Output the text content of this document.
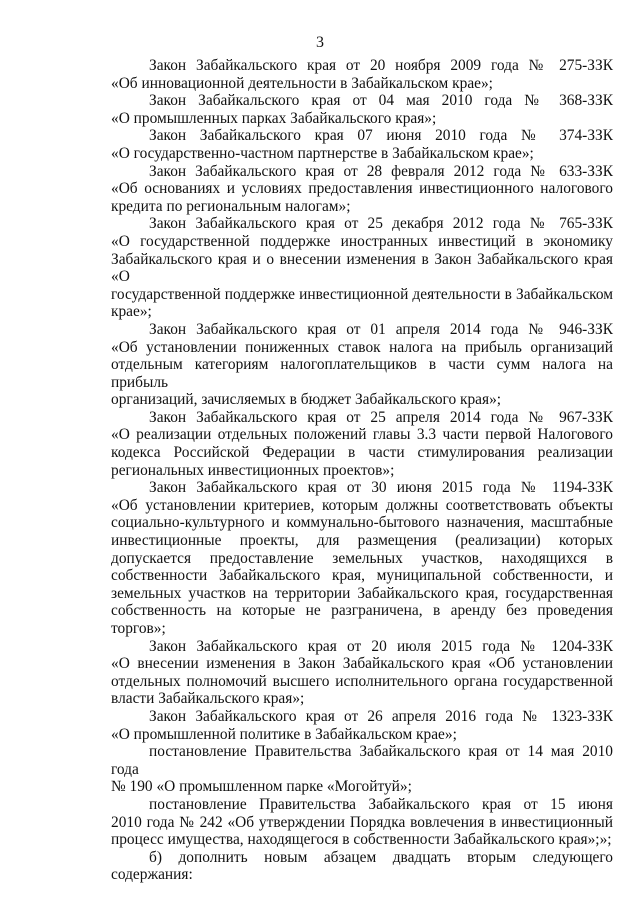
3
Закон Забайкальского края от 20 ноября 2009 года № 275-ЗЗК
«Об инновационной деятельности в Забайкальском крае»;
Закон Забайкальского края от 04 мая 2010 года № 368-ЗЗК
«О промышленных парках Забайкальского края»;
Закон Забайкальского края 07 июня 2010 года № 374-ЗЗК
«О государственно-частном партнерстве в Забайкальском крае»;
Закон Забайкальского края от 28 февраля 2012 года № 633-ЗЗК
«Об основаниях и условиях предоставления инвестиционного налогового
кредита по региональным налогам»;
Закон Забайкальского края от 25 декабря 2012 года № 765-ЗЗК
«О государственной поддержке иностранных инвестиций в экономику
Забайкальского края и о внесении изменения в Закон Забайкальского края «О
государственной поддержке инвестиционной деятельности в Забайкальском
крае»;
Закон Забайкальского края от 01 апреля 2014 года № 946-ЗЗК
«Об установлении пониженных ставок налога на прибыль организаций
отдельным категориям налогоплательщиков в части сумм налога на прибыль
организаций, зачисляемых в бюджет Забайкальского края»;
Закон Забайкальского края от 25 апреля 2014 года № 967-ЗЗК
«О реализации отдельных положений главы 3.3 части первой Налогового
кодекса Российской Федерации в части стимулирования реализации
региональных инвестиционных проектов»;
Закон Забайкальского края от 30 июня 2015 года № 1194-ЗЗК
«Об установлении критериев, которым должны соответствовать объекты
социально-культурного и коммунально-бытового назначения, масштабные
инвестиционные проекты, для размещения (реализации) которых
допускается предоставление земельных участков, находящихся в
собственности Забайкальского края, муниципальной собственности, и
земельных участков на территории Забайкальского края, государственная
собственность на которые не разграничена, в аренду без проведения торгов»;
Закон Забайкальского края от 20 июля 2015 года № 1204-ЗЗК
«О внесении изменения в Закон Забайкальского края «Об установлении
отдельных полномочий высшего исполнительного органа государственной
власти Забайкальского края»;
Закон Забайкальского края от 26 апреля 2016 года № 1323-ЗЗК
«О промышленной политике в Забайкальском крае»;
постановление Правительства Забайкальского края от 14 мая 2010 года
№ 190 «О промышленном парке «Могойтуй»;
постановление Правительства Забайкальского края от 15 июня
2010 года № 242 «Об утверждении Порядка вовлечения в инвестиционный
процесс имущества, находящегося в собственности Забайкальского края»;»;
б) дополнить новым абзацем двадцать вторым следующего
содержания:
